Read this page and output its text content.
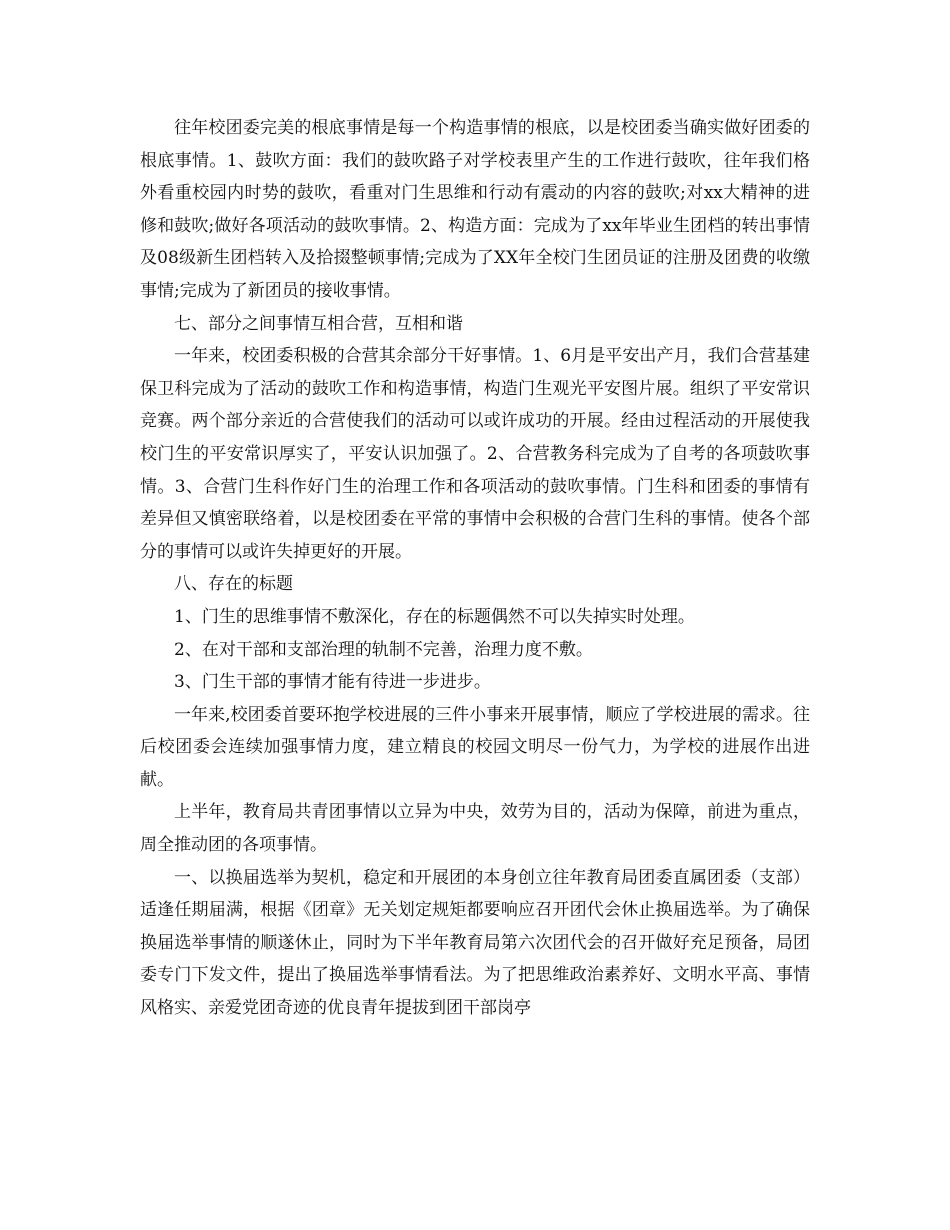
往年校团委完美的根底事情是每一个构造事情的根底，以是校团委当确实做好团委的根底事情。1、鼓吹方面：我们的鼓吹路子对学校表里产生的工作进行鼓吹，往年我们格外看重校园内时势的鼓吹，看重对门生思维和行动有震动的内容的鼓吹;对xx大精神的进修和鼓吹;做好各项活动的鼓吹事情。2、构造方面：完成为了xx年毕业生团档的转出事情及08级新生团档转入及拾掇整顿事情;完成为了XX年全校门生团员证的注册及团费的收缴事情;完成为了新团员的接收事情。

七、部分之间事情互相合营，互相和谐

一年来，校团委积极的合营其余部分干好事情。1、6月是平安出产月，我们合营基建保卫科完成为了活动的鼓吹工作和构造事情，构造门生观光平安图片展。组织了平安常识竞赛。两个部分亲近的合营使我们的活动可以或许成功的开展。经由过程活动的开展使我校门生的平安常识厚实了，平安认识加强了。2、合营教务科完成为了自考的各项鼓吹事情。3、合营门生科作好门生的治理工作和各项活动的鼓吹事情。门生科和团委的事情有差异但又慎密联络着，以是校团委在平常的事情中会积极的合营门生科的事情。使各个部分的事情可以或许失掉更好的开展。

八、存在的标题

1、门生的思维事情不敷深化，存在的标题偶然不可以失掉实时处理。

2、在对干部和支部治理的轨制不完善，治理力度不敷。

3、门生干部的事情才能有待进一步进步。

一年来,校团委首要环抱学校进展的三件小事来开展事情，顺应了学校进展的需求。往后校团委会连续加强事情力度，建立精良的校园文明尽一份气力，为学校的进展作出进献。

上半年，教育局共青团事情以立异为中央，效劳为目的，活动为保障，前进为重点，周全推动团的各项事情。

一、以换届选举为契机，稳定和开展团的本身创立往年教育局团委直属团委（支部）适逢任期届满，根据《团章》无关划定规矩都要响应召开团代会休止换届选举。为了确保换届选举事情的顺遂休止，同时为下半年教育局第六次团代会的召开做好充足预备，局团委专门下发文件，提出了换届选举事情看法。为了把思维政治素养好、文明水平高、事情风格实、亲爱党团奇迹的优良青年提拔到团干部岗亭
